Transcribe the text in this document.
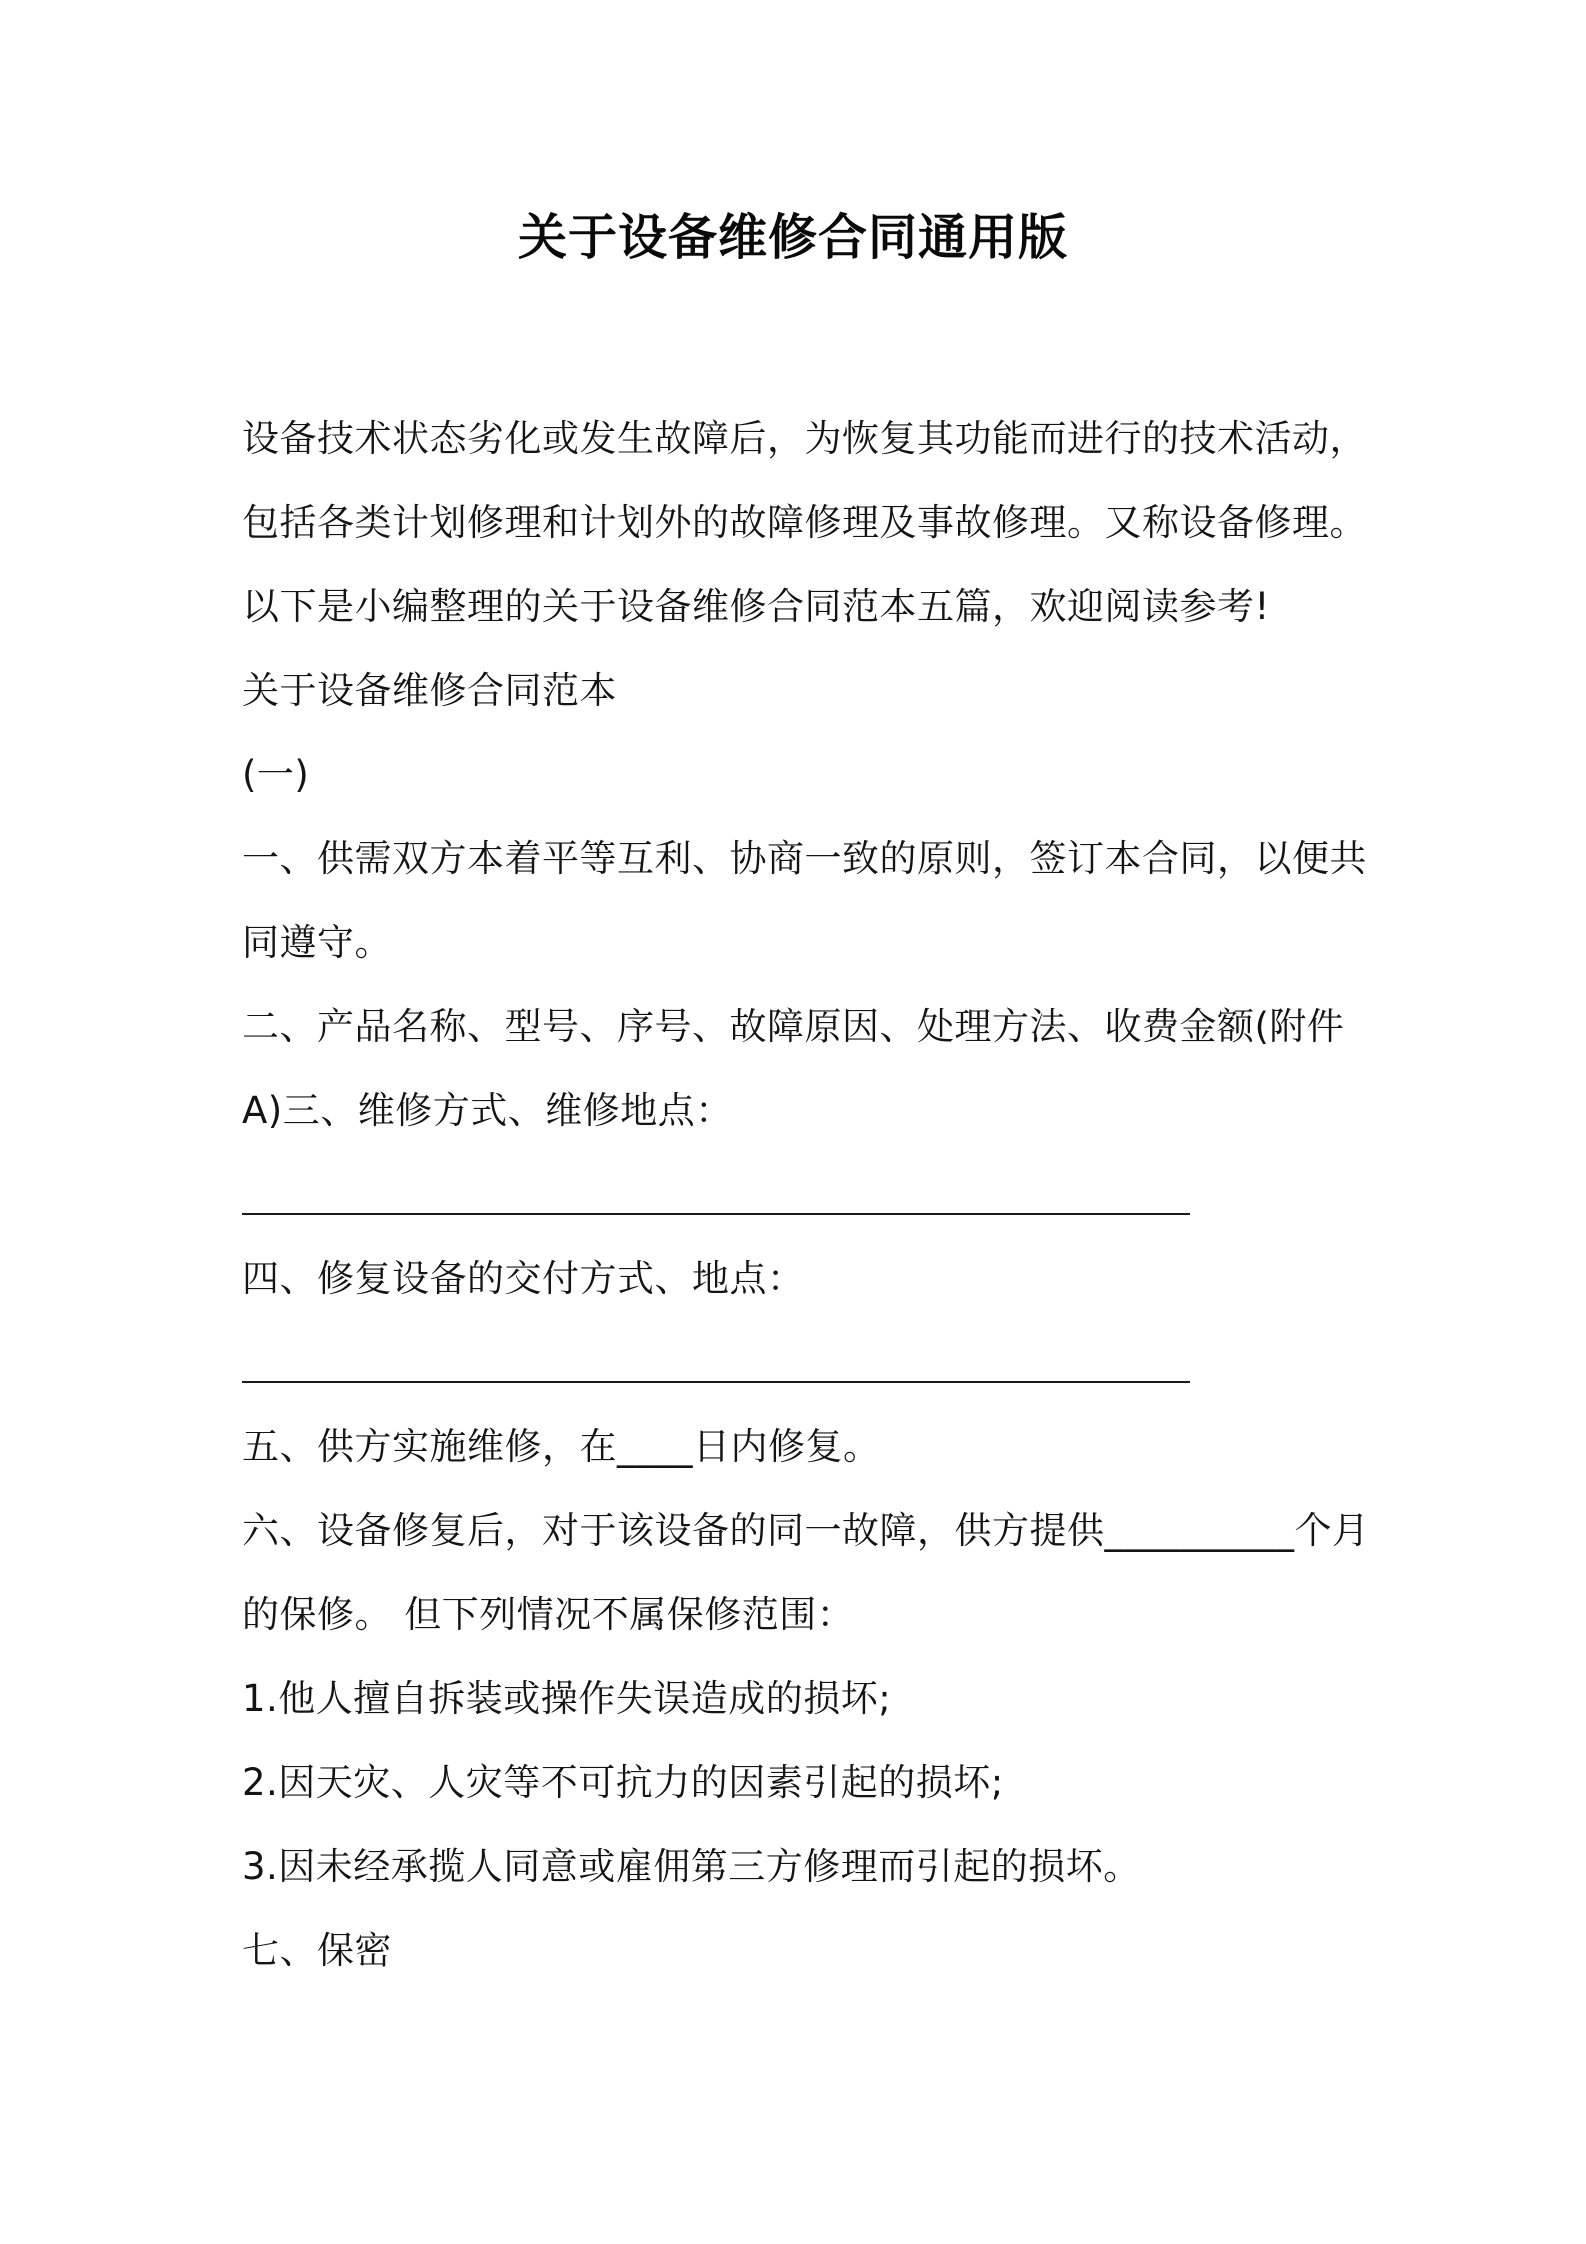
关于设备维修合同通用版
设备技术状态劣化或发生故障后，为恢复其功能而进行的技术活动，
包括各类计划修理和计划外的故障修理及事故修理。又称设备修理。
以下是小编整理的关于设备维修合同范本五篇，欢迎阅读参考!
关于设备维修合同范本
(一)
一、供需双方本着平等互利、协商一致的原则，签订本合同，以便共
同遵守。
二、产品名称、型号、序号、故障原因、处理方法、收费金额(附件
A)三、维修方式、维修地点：
四、修复设备的交付方式、地点：
五、供方实施维修，在____日内修复。
六、设备修复后，对于该设备的同一故障，供方提供__________个月
的保修。 但下列情况不属保修范围：
1.他人擅自拆装或操作失误造成的损坏;
2.因天灾、人灾等不可抗力的因素引起的损坏;
3.因未经承揽人同意或雇佣第三方修理而引起的损坏。
七、保密
